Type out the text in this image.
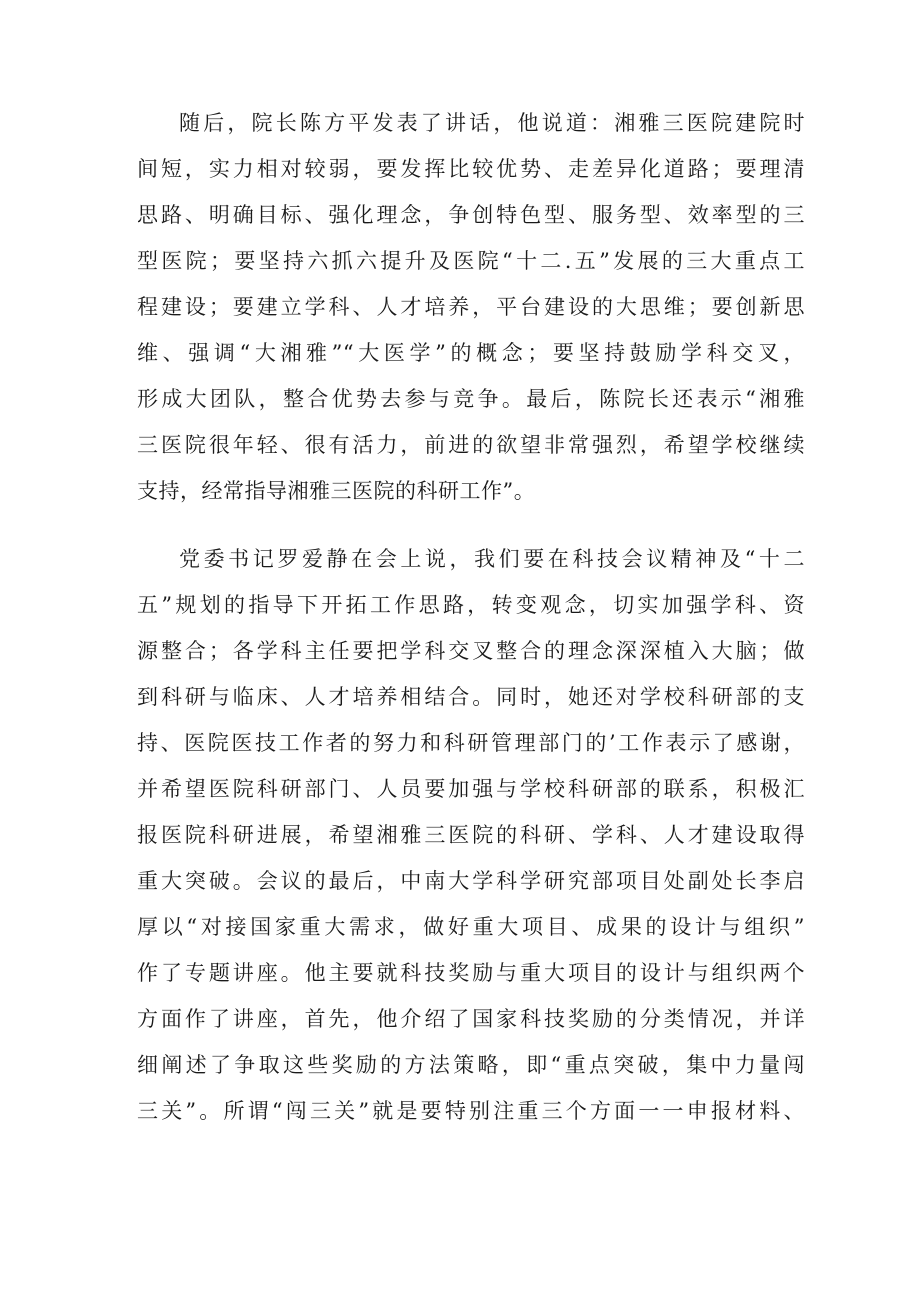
随后，院长陈方平发表了讲话，他说道：湘雅三医院建院时
间短，实力相对较弱，要发挥比较优势、走差异化道路；要理清
思路、明确目标、强化理念，争创特色型、服务型、效率型的三
型医院；要坚持六抓六提升及医院“十二.五”发展的三大重点工
程建设；要建立学科、人才培养，平台建设的大思维；要创新思
维、强调“大湘雅”“大医学”的概念；要坚持鼓励学科交叉，
形成大团队，整合优势去参与竞争。最后，陈院长还表示“湘雅
三医院很年轻、很有活力，前进的欲望非常强烈，希望学校继续
支持，经常指导湘雅三医院的科研工作”。
党委书记罗爱静在会上说，我们要在科技会议精神及“十二
五”规划的指导下开拓工作思路，转变观念，切实加强学科、资
源整合；各学科主任要把学科交叉整合的理念深深植入大脑；做
到科研与临床、人才培养相结合。同时，她还对学校科研部的支
持、医院医技工作者的努力和科研管理部门的’工作表示了感谢，
并希望医院科研部门、人员要加强与学校科研部的联系，积极汇
报医院科研进展，希望湘雅三医院的科研、学科、人才建设取得
重大突破。会议的最后，中南大学科学研究部项目处副处长李启
厚以“对接国家重大需求，做好重大项目、成果的设计与组织”
作了专题讲座。他主要就科技奖励与重大项目的设计与组织两个
方面作了讲座，首先，他介绍了国家科技奖励的分类情况，并详
细阐述了争取这些奖励的方法策略，即“重点突破，集中力量闯
三关”。所谓“闯三关”就是要特别注重三个方面一一申报材料、
